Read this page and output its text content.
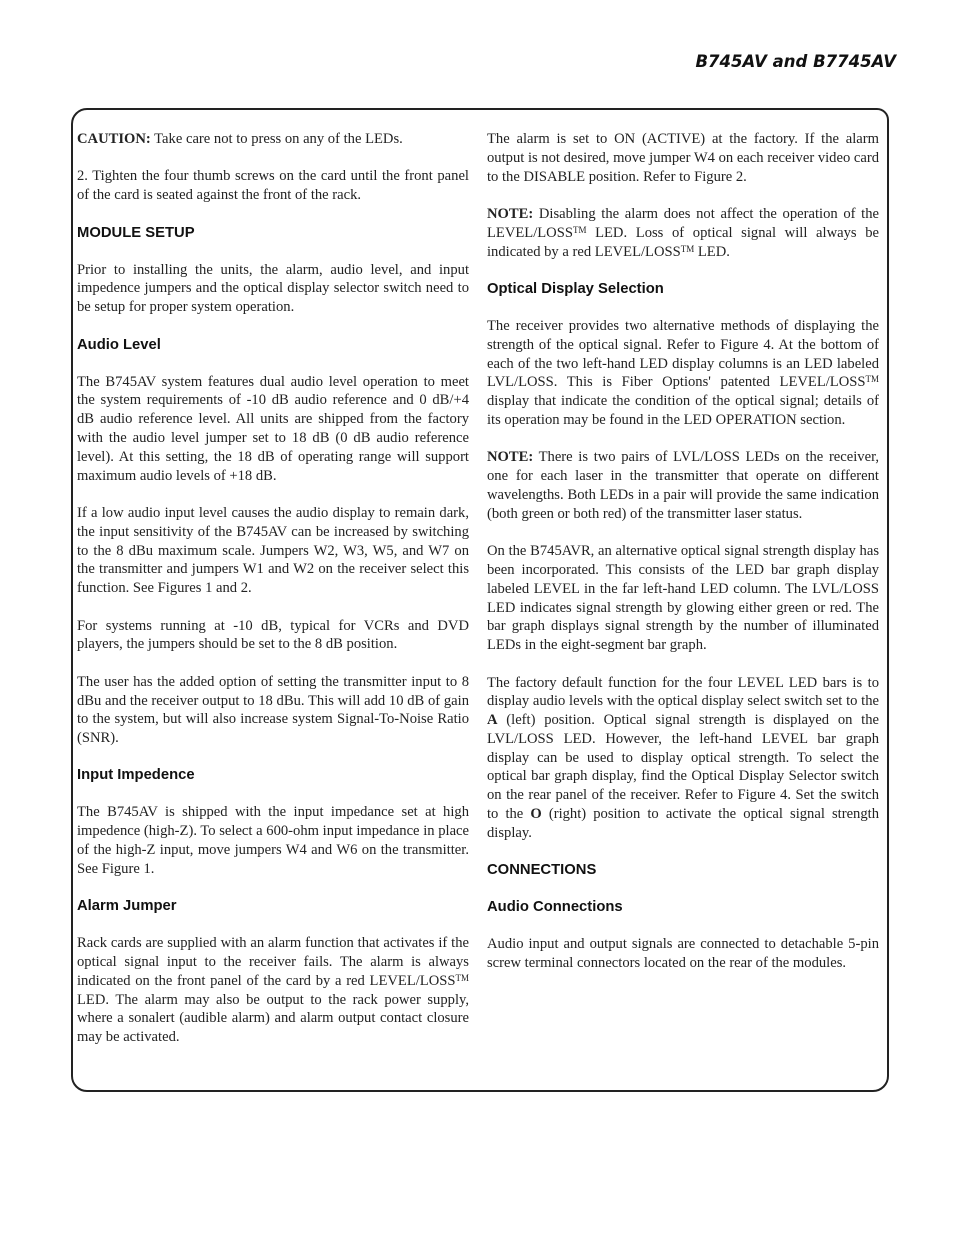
B745AV and B7745AV

CAUTION: Take care not to press on any of the LEDs.

2. Tighten the four thumb screws on the card until the front panel of the card is seated against the front of the rack.

MODULE SETUP

Prior to installing the units, the alarm, audio level, and input impedence jumpers and the optical display selector switch need to be setup for proper system operation.

Audio Level

The B745AV system features dual audio level operation to meet the system requirements of -10 dB audio reference and 0 dB/+4 dB audio reference level. All units are shipped from the factory with the audio level jumper set to 18 dB (0 dB audio reference level). At this setting, the 18 dB of operating range will support maximum audio levels of +18 dB.

If a low audio input level causes the audio display to remain dark, the input sensitivity of the B745AV can be increased by switching to the 8 dBu maximum scale. Jumpers W2, W3, W5, and W7 on the transmitter and jumpers W1 and W2 on the receiver select this function. See Figures 1 and 2.

For systems running at -10 dB, typical for VCRs and DVD players, the jumpers should be set to the 8 dB position.

The user has the added option of setting the transmitter input to 8 dBu and the receiver output to 18 dBu. This will add 10 dB of gain to the system, but will also increase system Signal-To-Noise Ratio (SNR).

Input Impedence

The B745AV is shipped with the input impedance set at high impedence (high-Z). To select a 600-ohm input impedance in place of the high-Z input, move jumpers W4 and W6 on the transmitter. See Figure 1.

Alarm Jumper

Rack cards are supplied with an alarm function that activates if the optical signal input to the receiver fails. The alarm is always indicated on the front panel of the card by a red LEVEL/LOSS™ LED. The alarm may also be output to the rack power supply, where a sonalert (audible alarm) and alarm output contact closure may be activated.

The alarm is set to ON (ACTIVE) at the factory. If the alarm output is not desired, move jumper W4 on each receiver video card to the DISABLE position. Refer to Figure 2.

NOTE: Disabling the alarm does not affect the operation of the LEVEL/LOSS™ LED. Loss of optical signal will always be indicated by a red LEVEL/LOSS™ LED.

Optical Display Selection

The receiver provides two alternative methods of displaying the strength of the optical signal. Refer to Figure 4. At the bottom of each of the two left-hand LED display columns is an LED labeled LVL/LOSS. This is Fiber Options' patented LEVEL/LOSS™ display that indicate the condition of the optical signal; details of its operation may be found in the LED OPERATION section.

NOTE: There is two pairs of LVL/LOSS LEDs on the receiver, one for each laser in the transmitter that operate on different wavelengths. Both LEDs in a pair will provide the same indication (both green or both red) of the transmitter laser status.

On the B745AVR, an alternative optical signal strength display has been incorporated. This consists of the LED bar graph display labeled LEVEL in the far left-hand LED column. The LVL/LOSS LED indicates signal strength by glowing either green or red. The bar graph displays signal strength by the number of illuminated LEDs in the eight-segment bar graph.

The factory default function for the four LEVEL LED bars is to display audio levels with the optical display select switch set to the A (left) position. Optical signal strength is displayed on the LVL/LOSS LED. However, the left-hand LEVEL bar graph display can be used to display optical strength. To select the optical bar graph display, find the Optical Display Selector switch on the rear panel of the receiver. Refer to Figure 4. Set the switch to the O (right) position to activate the optical signal strength display.

CONNECTIONS
Audio Connections

Audio input and output signals are connected to detachable 5-pin screw terminal connectors located on the rear of the modules.
